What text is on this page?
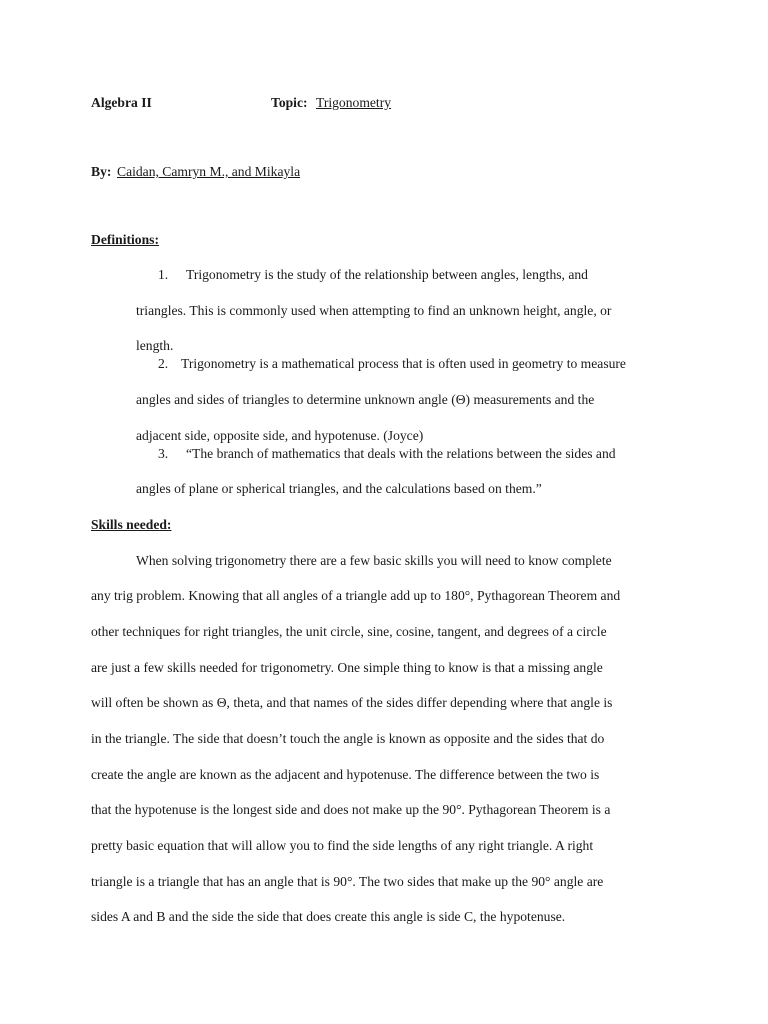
Algebra II	Topic: Trigonometry
By: Caidan, Camryn M., and Mikayla
Definitions:
1. Trigonometry is the study of the relationship between angles, lengths, and
triangles. This is commonly used when attempting to find an unknown height, angle, or
length.
2. Trigonometry is a mathematical process that is often used in geometry to measure
angles and sides of triangles to determine unknown angle (Θ) measurements and the
adjacent side, opposite side, and hypotenuse. (Joyce)
3. “The branch of mathematics that deals with the relations between the sides and
angles of plane or spherical triangles, and the calculations based on them.”
Skills needed:
When solving trigonometry there are a few basic skills you will need to know complete
any trig problem. Knowing that all angles of a triangle add up to 180°, Pythagorean Theorem and
other techniques for right triangles, the unit circle, sine, cosine, tangent, and degrees of a circle
are just a few skills needed for trigonometry. One simple thing to know is that a missing angle
will often be shown as Θ, theta, and that names of the sides differ depending where that angle is
in the triangle. The side that doesn’t touch the angle is known as opposite and the sides that do
create the angle are known as the adjacent and hypotenuse. The difference between the two is
that the hypotenuse is the longest side and does not make up the 90°. Pythagorean Theorem is a
pretty basic equation that will allow you to find the side lengths of any right triangle. A right
triangle is a triangle that has an angle that is 90°. The two sides that make up the 90° angle are
sides A and B and the side the side that does create this angle is side C, the hypotenuse.
